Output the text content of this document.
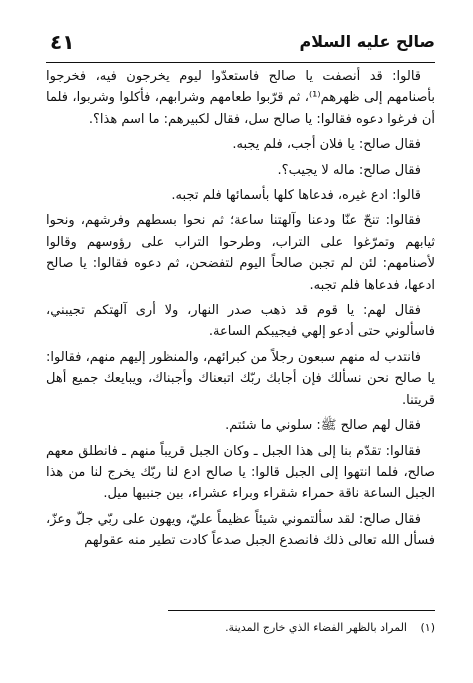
صالح عليه السلام
٤١

قالوا: قد أنصفت يا صالح فاستعدّوا ليوم يخرجون فيه، فخرجوا بأصنامهم إلى ظهرهم⁽¹⁾، ثم قرّبوا طعامهم وشرابهم، فأكلوا وشربوا، فلما أن فرغوا دعوه فقالوا: يا صالح سل، فقال لكبيرهم: ما اسم هذا؟.

فقال صالح: يا فلان أجب، فلم يجبه.

فقال صالح: ماله لا يجيب؟.

قالوا: ادع غيره، فدعاها كلها بأسمائها فلم تجبه.

فقالوا: تنحّ عنّا ودعنا وآلهتنا ساعة؛ ثم نحوا بسطهم وفرشهم، ونحوا ثيابهم وتمرّغوا على التراب، وطرحوا التراب على رؤوسهم وقالوا لأصنامهم: لئن لم تجبن صالحاً اليوم لتفضحن، ثم دعوه فقالوا: يا صالح ادعها، فدعاها فلم تجبه.

فقال لهم: يا قوم قد ذهب صدر النهار، ولا أرى آلهتكم تجيبني، فاسألوني حتى أدعو إلهي فيجيبكم الساعة.

فانتدب له منهم سبعون رجلاً من كبرائهم، والمنظور إليهم منهم، فقالوا: يا صالح نحن نسألك فإن أجابك ربّك اتبعناك وأجبناك، ويبايعك جميع أهل قريتنا.

فقال لهم صالح ﷺ: سلوني ما شئتم.

فقالوا: تقدّم بنا إلى هذا الجبل ـ وكان الجبل قريباً منهم ـ فانطلق معهم صالح، فلما انتهوا إلى الجبل قالوا: يا صالح ادع لنا ربّك يخرج لنا من هذا الجبل الساعة ناقة حمراء شقراء وبراء عشراء، بين جنبيها ميل.

فقال صالح: لقد سألتموني شيئاً عظيماً عليّ، ويهون على ربّي جلّ وعزّ، فسأل الله تعالى ذلك فانصدع الجبل صدعاً كادت تطير منه عقولهم

(١) المراد بالظهر الفضاء الذي خارج المدينة.
